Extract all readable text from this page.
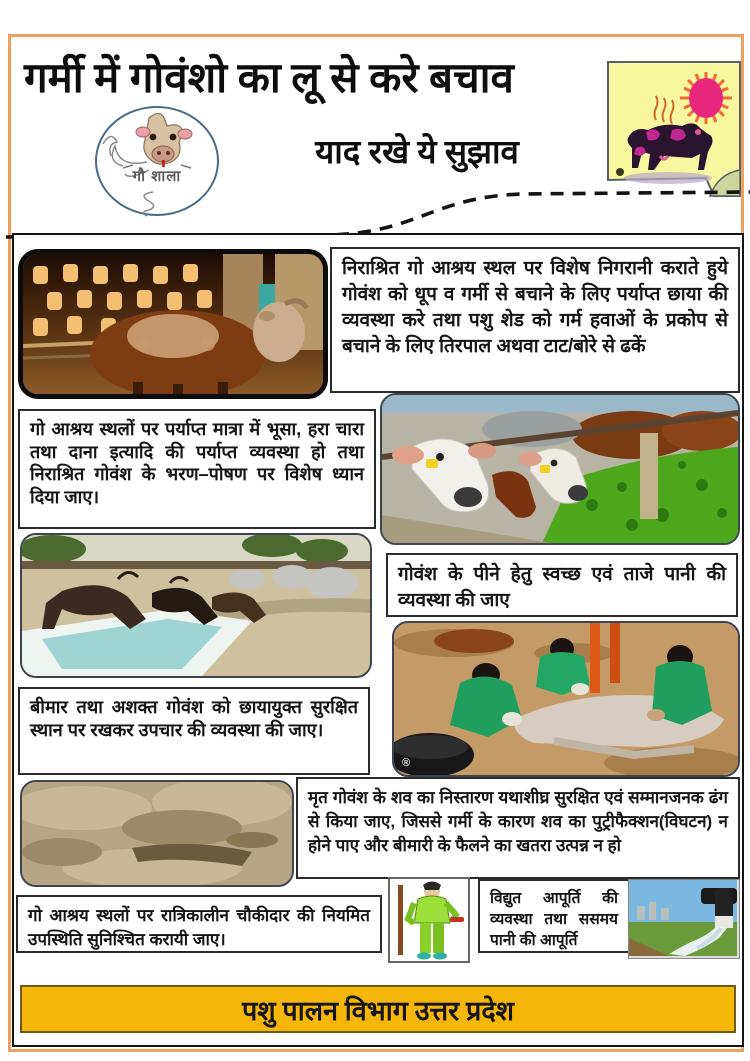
गर्मी में गोवंशो का लू से करे बचाव
याद रखे ये सुझाव
गौ शाला
निराश्रित गो आश्रय स्थल पर विशेष निगरानी कराते हुये गोवंश को धूप व गर्मी से बचाने के लिए पर्याप्त छाया की व्यवस्था करे तथा पशु शेड को गर्म हवाओं के प्रकोप से बचाने के लिए तिरपाल अथवा टाट/बोरे से ढकें
गो आश्रय स्थलों पर पर्याप्त मात्रा में भूसा, हरा चारा तथा दाना इत्यादि की पर्याप्त व्यवस्था हो तथा निराश्रित गोवंश के भरण–पोषण पर विशेष ध्यान दिया जाए।
गोवंश के पीने हेतु स्वच्छ एवं ताजे पानी की व्यवस्था की जाए
®
बीमार तथा अशक्त गोवंश को छायायुक्त सुरक्षित स्थान पर रखकर उपचार की व्यवस्था की जाए।
मृत गोवंश के शव का निस्तारण यथाशीघ्र सुरक्षित एवं सम्मानजनक ढंग से किया जाए, जिससे गर्मी के कारण शव का पुट्रीफैक्शन(विघटन) न होने पाए और बीमारी के फैलने का खतरा उत्पन्न न हो
गो आश्रय स्थलों पर रात्रिकालीन चौकीदार की नियमित उपस्थिति सुनिश्चित करायी जाए।
विद्युत आपूर्ति की व्यवस्था तथा ससमय पानी की आपूर्ति
पशु पालन विभाग उत्तर प्रदेश
